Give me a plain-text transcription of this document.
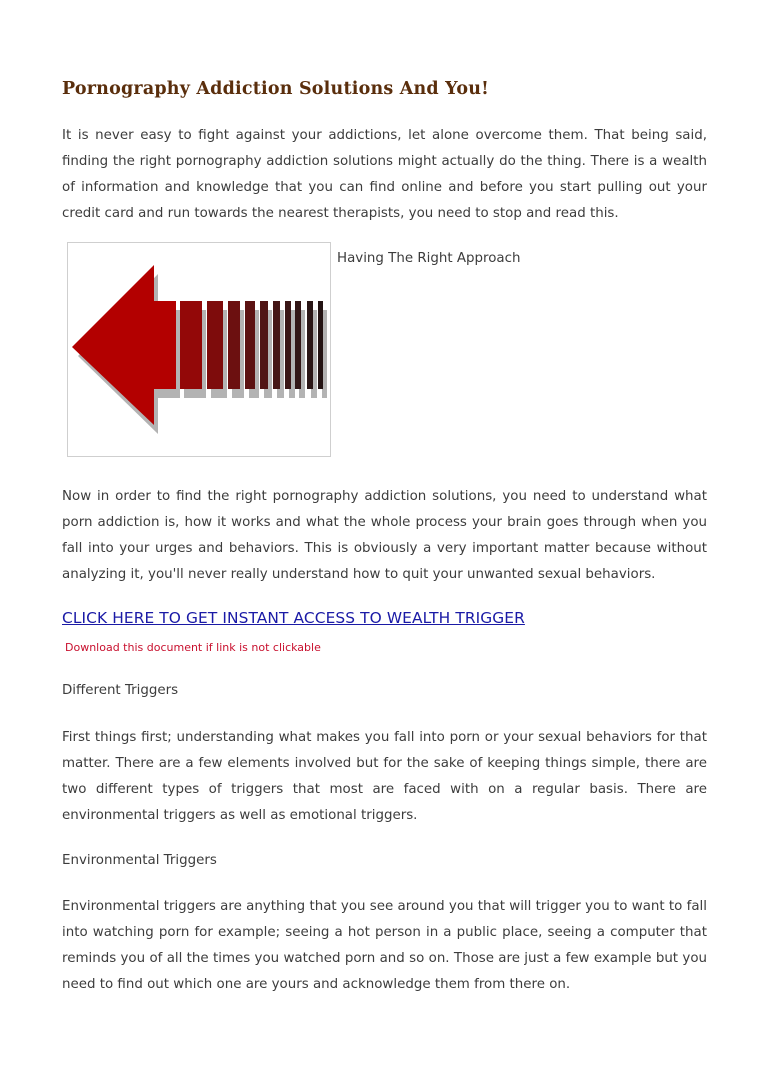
Pornography Addiction Solutions And You!

It is never easy to fight against your addictions, let alone overcome them. That being said, finding the right pornography addiction solutions might actually do the thing. There is a wealth of information and knowledge that you can find online and before you start pulling out your credit card and run towards the nearest therapists, you need to stop and read this.

Having The Right Approach

Now in order to find the right pornography addiction solutions, you need to understand what porn addiction is, how it works and what the whole process your brain goes through when you fall into your urges and behaviors. This is obviously a very important matter because without analyzing it, you'll never really understand how to quit your unwanted sexual behaviors.

CLICK HERE TO GET INSTANT ACCESS TO WEALTH TRIGGER
Download this document if link is not clickable
Different Triggers

First things first; understanding what makes you fall into porn or your sexual behaviors for that matter. There are a few elements involved but for the sake of keeping things simple, there are two different types of triggers that most are faced with on a regular basis. There are environmental triggers as well as emotional triggers.

Environmental Triggers

Environmental triggers are anything that you see around you that will trigger you to want to fall into watching porn for example; seeing a hot person in a public place, seeing a computer that reminds you of all the times you watched porn and so on. Those are just a few example but you need to find out which one are yours and acknowledge them from there on.
